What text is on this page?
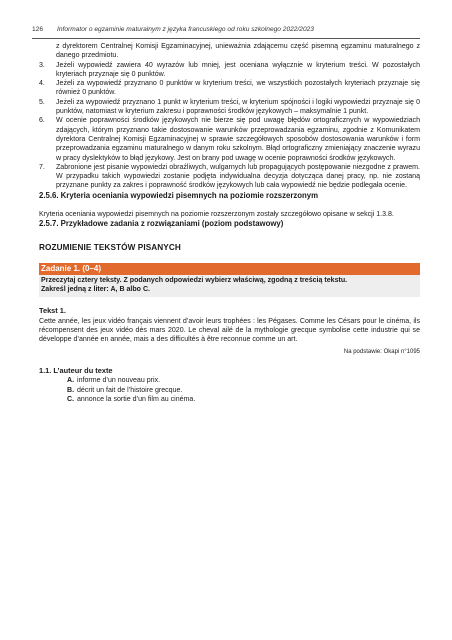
126 Informator o egzaminie maturalnym z języka francuskiego od roku szkolnego 2022/2023
z dyrektorem Centralnej Komisji Egzaminacyjnej, unieważnia zdającemu część pisemną egzaminu maturalnego z danego przedmiotu.
3.	Jeżeli wypowiedź zawiera 40 wyrazów lub mniej, jest oceniana wyłącznie w kryterium treści. W pozostałych kryteriach przyznaje się 0 punktów.
4.	Jeżeli za wypowiedź przyznano 0 punktów w kryterium treści, we wszystkich pozostałych kryteriach przyznaje się również 0 punktów.
5.	Jeżeli za wypowiedź przyznano 1 punkt w kryterium treści, w kryterium spójności i logiki wypowiedzi przyznaje się 0 punktów, natomiast w kryterium zakresu i poprawności środków językowych – maksymalnie 1 punkt.
6.	W ocenie poprawności środków językowych nie bierze się pod uwagę błędów ortograficznych w wypowiedziach zdających, którym przyznano takie dostosowanie warunków przeprowadzania egzaminu, zgodnie z Komunikatem dyrektora Centralnej Komisji Egzaminacyjnej w sprawie szczegółowych sposobów dostosowania warunków i form przeprowadzania egzaminu maturalnego w danym roku szkolnym. Błąd ortograficzny zmieniający znaczenie wyrazu w pracy dyslektyków to błąd językowy. Jest on brany pod uwagę w ocenie poprawności środków językowych.
7.	Zabronione jest pisanie wypowiedzi obraźliwych, wulgarnych lub propagujących postępowanie niezgodne z prawem. W przypadku takich wypowiedzi zostanie podjęta indywidualna decyzja dotycząca danej pracy, np. nie zostaną przyznane punkty za zakres i poprawność środków językowych lub cała wypowiedź nie będzie podlegała ocenie.
2.5.6. Kryteria oceniania wypowiedzi pisemnych na poziomie rozszerzonym
Kryteria oceniania wypowiedzi pisemnych na poziomie rozszerzonym zostały szczegółowo opisane w sekcji 1.3.8.
2.5.7. Przykładowe zadania z rozwiązaniami (poziom podstawowy)
ROZUMIENIE TEKSTÓW PISANYCH
Zadanie 1. (0–4)
Przeczytaj cztery teksty. Z podanych odpowiedzi wybierz właściwą, zgodną z treścią tekstu.
Zakreśl jedną z liter: A, B albo C.
Tekst 1.
Cette année, les jeux vidéo français viennent d’avoir leurs trophées : les Pégases. Comme les Césars pour le cinéma, ils récompensent des jeux vidéo dès mars 2020. Le cheval ailé de la mythologie grecque symbolise cette industrie qui se développe d’année en année, mais a des difficultés à être reconnue comme un art.
Na podstawie: Okapi n°1095
1.1. L’auteur du texte
A. informe d’un nouveau prix.
B. décrit un fait de l’histoire grecque.
C. annonce la sortie d’un film au cinéma.
